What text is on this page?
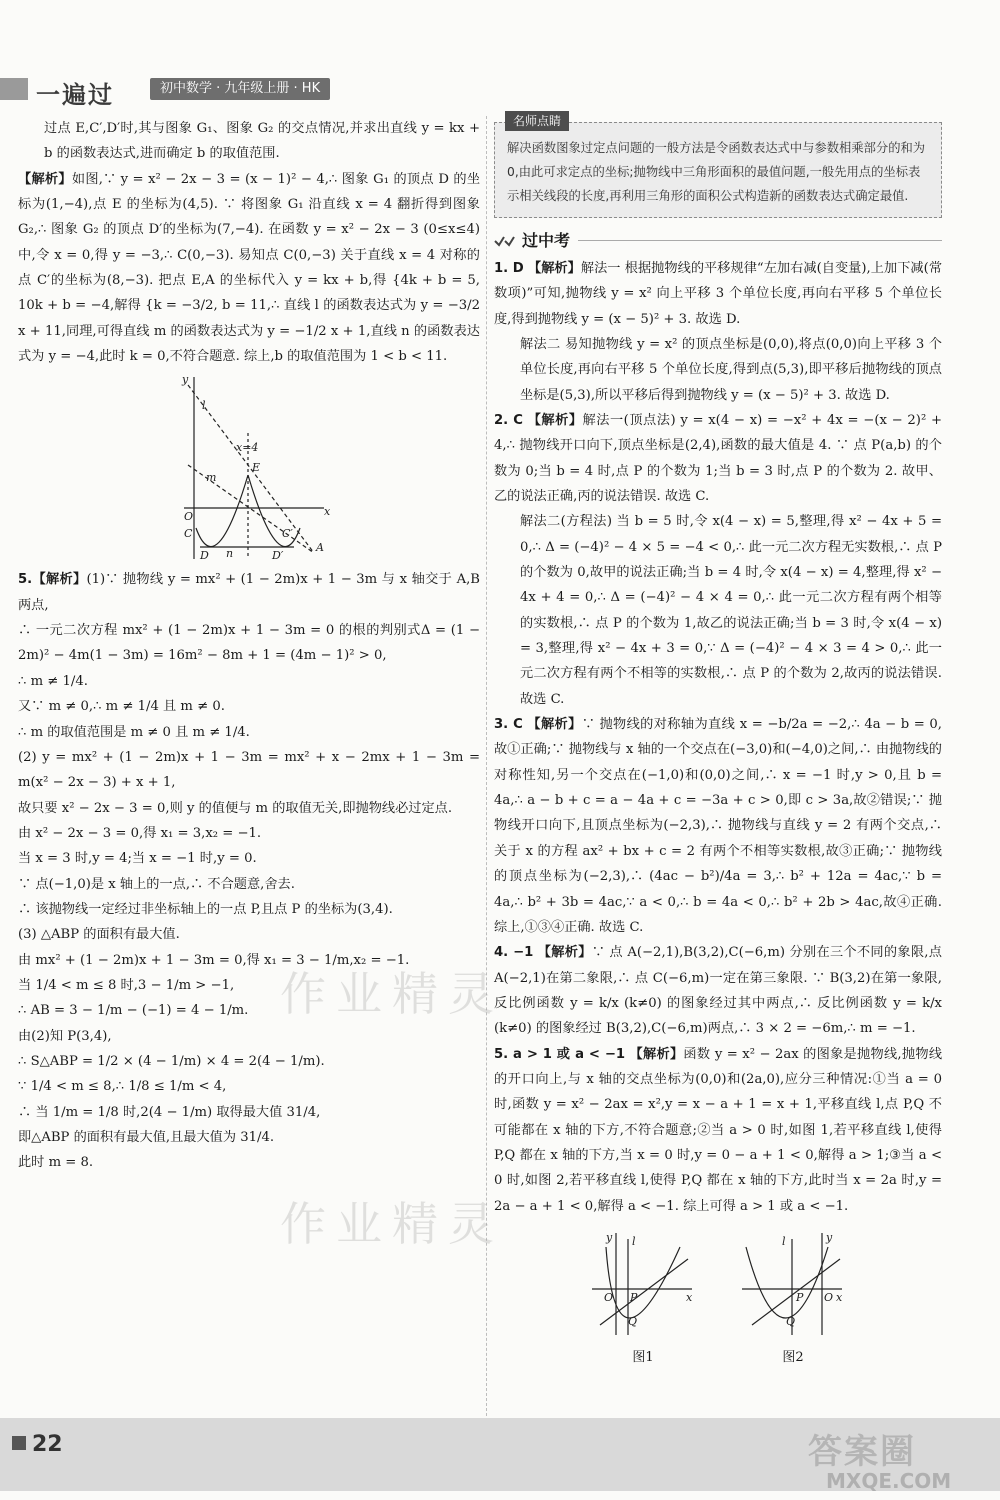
一遍过	初中数学 · 九年级上册 · HK

过点 E,C′,D′时,其与图象 G₁、图象 G₂ 的交点情况,并求出直线 y = kx + b 的函数表达式,进而确定 b 的取值范围.

【解析】如图,∵ y = x² − 2x − 3 = (x − 1)² − 4,∴ 图象 G₁ 的顶点 D 的坐标为(1,−4),点 E 的坐标为(4,5). ∵ 将图象 G₁ 沿直线 x = 4 翻折得到图象 G₂,∴ 图象 G₂ 的顶点 D′的坐标为(7,−4). 在函数 y = x² − 2x − 3 (0≤x≤4) 中,令 x = 0,得 y = −3,∴ C(0,−3). 易知点 C(0,−3) 关于直线 x = 4 对称的点 C′的坐标为(8,−3). 把点 E,A 的坐标代入 y = kx + b,得 {4k + b = 5, 10k + b = −4,解得 {k = −3/2, b = 11,∴ 直线 l 的函数表达式为 y = −3/2 x + 11,同理,可得直线 m 的函数表达式为 y = −1/2 x + 1,直线 n 的函数表达式为 y = −4,此时 k = 0,不符合题意. 综上,b 的取值范围为 1 < b < 11.

y
l
x=4
E
m
O	x
C
D n
C′
D′
A

5.【解析】(1)∵ 抛物线 y = mx² + (1 − 2m)x + 1 − 3m 与 x 轴交于 A,B 两点,

∴ 一元二次方程 mx² + (1 − 2m)x + 1 − 3m = 0 的根的判别式Δ = (1 − 2m)² − 4m(1 − 3m) = 16m² − 8m + 1 = (4m − 1)² > 0,

∴ m ≠ 1/4.

又∵ m ≠ 0,∴ m ≠ 1/4 且 m ≠ 0.

∴ m 的取值范围是 m ≠ 0 且 m ≠ 1/4.

(2) y = mx² + (1 − 2m)x + 1 − 3m = mx² + x − 2mx + 1 − 3m = m(x² − 2x − 3) + x + 1,

故只要 x² − 2x − 3 = 0,则 y 的值便与 m 的取值无关,即抛物线必过定点.

由 x² − 2x − 3 = 0,得 x₁ = 3,x₂ = −1.

当 x = 3 时,y = 4;当 x = −1 时,y = 0.

∵ 点(−1,0)是 x 轴上的一点,∴ 不合题意,舍去.

∴ 该抛物线一定经过非坐标轴上的一点 P,且点 P 的坐标为(3,4).

(3) △ABP 的面积有最大值.

由 mx² + (1 − 2m)x + 1 − 3m = 0,得 x₁ = 3 − 1/m,x₂ = −1.

当 1/4 < m ≤ 8 时,3 − 1/m > −1,

∴ AB = 3 − 1/m − (−1) = 4 − 1/m.

由(2)知 P(3,4),

∴ S△ABP = 1/2 × (4 − 1/m) × 4 = 2(4 − 1/m).

∵ 1/4 < m ≤ 8,∴ 1/8 ≤ 1/m < 4,

∴ 当 1/m = 1/8 时,2(4 − 1/m) 取得最大值 31/4,

即△ABP 的面积有最大值,且最大值为 31/4.

此时 m = 8.

名师点睛
解决函数图象过定点问题的一般方法是令函数表达式中与参数相乘部分的和为 0,由此可求定点的坐标;抛物线中三角形面积的最值问题,一般先用点的坐标表示相关线段的长度,再利用三角形的面积公式构造新的函数表达式确定最值.
过中考

1. D 【解析】解法一 根据抛物线的平移规律“左加右减(自变量),上加下减(常数项)”可知,抛物线 y = x² 向上平移 3 个单位长度,再向右平移 5 个单位长度,得到抛物线 y = (x − 5)² + 3. 故选 D.

解法二 易知抛物线 y = x² 的顶点坐标是(0,0),将点(0,0)向上平移 3 个单位长度,再向右平移 5 个单位长度,得到点(5,3),即平移后抛物线的顶点坐标是(5,3),所以平移后得到抛物线 y = (x − 5)² + 3. 故选 D.

2. C 【解析】解法一(顶点法) y = x(4 − x) = −x² + 4x = −(x − 2)² + 4,∴ 抛物线开口向下,顶点坐标是(2,4),函数的最大值是 4. ∵ 点 P(a,b) 的个数为 0;当 b = 4 时,点 P 的个数为 1;当 b = 3 时,点 P 的个数为 2. 故甲、乙的说法正确,丙的说法错误. 故选 C.

解法二(方程法) 当 b = 5 时,令 x(4 − x) = 5,整理,得 x² − 4x + 5 = 0,∴ Δ = (−4)² − 4 × 5 = −4 < 0,∴ 此一元二次方程无实数根,∴ 点 P 的个数为 0,故甲的说法正确;当 b = 4 时,令 x(4 − x) = 4,整理,得 x² − 4x + 4 = 0,∴ Δ = (−4)² − 4 × 4 = 0,∴ 此一元二次方程有两个相等的实数根,∴ 点 P 的个数为 1,故乙的说法正确;当 b = 3 时,令 x(4 − x) = 3,整理,得 x² − 4x + 3 = 0,∵ Δ = (−4)² − 4 × 3 = 4 > 0,∴ 此一元二次方程有两个不相等的实数根,∴ 点 P 的个数为 2,故丙的说法错误. 故选 C.

3. C 【解析】∵ 抛物线的对称轴为直线 x = −b/2a = −2,∴ 4a − b = 0,故①正确;∵ 抛物线与 x 轴的一个交点在(−3,0)和(−4,0)之间,∴ 由抛物线的对称性知,另一个交点在(−1,0)和(0,0)之间,∴ x = −1 时,y > 0,且 b = 4a,∴ a − b + c = a − 4a + c = −3a + c > 0,即 c > 3a,故②错误;∵ 抛物线开口向下,且顶点坐标为(−2,3),∴ 抛物线与直线 y = 2 有两个交点,∴ 关于 x 的方程 ax² + bx + c = 2 有两个不相等实数根,故③正确;∵ 抛物线的顶点坐标为(−2,3),∴ (4ac − b²)/4a = 3,∴ b² + 12a = 4ac,∵ b = 4a,∴ b² + 3b = 4ac,∵ a < 0,∴ b = 4a < 0,∴ b² + 2b > 4ac,故④正确. 综上,①③④正确. 故选 C.

4. −1 【解析】∵ 点 A(−2,1),B(3,2),C(−6,m) 分别在三个不同的象限,点 A(−2,1)在第二象限,∴ 点 C(−6,m)一定在第三象限. ∵ B(3,2)在第一象限,反比例函数 y = k/x (k≠0) 的图象经过其中两点,∴ 反比例函数 y = k/x (k≠0) 的图象经过 B(3,2),C(−6,m)两点,∴ 3 × 2 = −6m,∴ m = −1.

5. a > 1 或 a < −1 【解析】函数 y = x² − 2ax 的图象是抛物线,抛物线的开口向上,与 x 轴的交点坐标为(0,0)和(2a,0),应分三种情况:①当 a = 0 时,函数 y = x² − 2ax = x²,y = x − a + 1 = x + 1,平移直线 l,点 P,Q 不可能都在 x 轴的下方,不符合题意;②当 a > 0 时,如图 1,若平移直线 l,使得 P,Q 都在 x 轴的下方,当 x = 0 时,y = 0 − a + 1 < 0,解得 a > 1;③当 a < 0 时,如图 2,若平移直线 l,使得 P,Q 都在 x 轴的下方,此时当 x = 2a 时,y = 2a − a + 1 < 0,解得 a < −1. 综上可得 a > 1 或 a < −1.

y l
x
O P
Q
图1
y
l
x
O
P
Q
图2
作业精灵
作业精灵
22	答案圈
MXQE.COM
